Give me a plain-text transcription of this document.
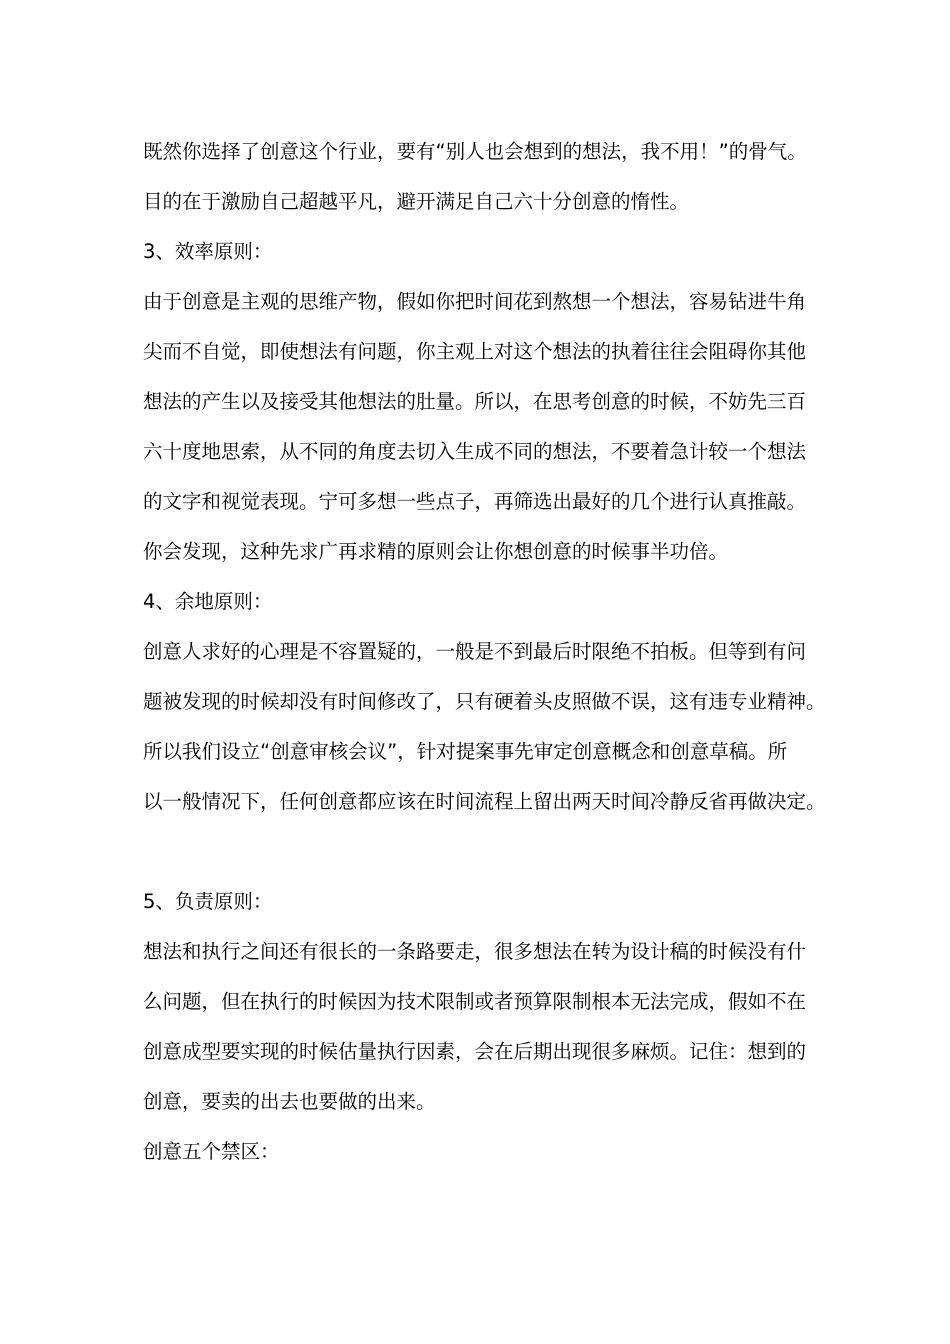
既然你选择了创意这个行业，要有“别人也会想到的想法，我不用！”的骨气。
目的在于激励自己超越平凡，避开满足自己六十分创意的惰性。
3、效率原则：
由于创意是主观的思维产物，假如你把时间花到熬想一个想法，容易钻进牛角
尖而不自觉，即使想法有问题，你主观上对这个想法的执着往往会阻碍你其他
想法的产生以及接受其他想法的肚量。所以，在思考创意的时候，不妨先三百
六十度地思索，从不同的角度去切入生成不同的想法，不要着急计较一个想法
的文字和视觉表现。宁可多想一些点子，再筛选出最好的几个进行认真推敲。
你会发现，这种先求广再求精的原则会让你想创意的时候事半功倍。
4、余地原则：
创意人求好的心理是不容置疑的，一般是不到最后时限绝不拍板。但等到有问
题被发现的时候却没有时间修改了，只有硬着头皮照做不误，这有违专业精神。
所以我们设立“创意审核会议”，针对提案事先审定创意概念和创意草稿。所
以一般情况下，任何创意都应该在时间流程上留出两天时间冷静反省再做决定。
5、负责原则：
想法和执行之间还有很长的一条路要走，很多想法在转为设计稿的时候没有什
么问题，但在执行的时候因为技术限制或者预算限制根本无法完成，假如不在
创意成型要实现的时候估量执行因素，会在后期出现很多麻烦。记住：想到的
创意，要卖的出去也要做的出来。
创意五个禁区：
